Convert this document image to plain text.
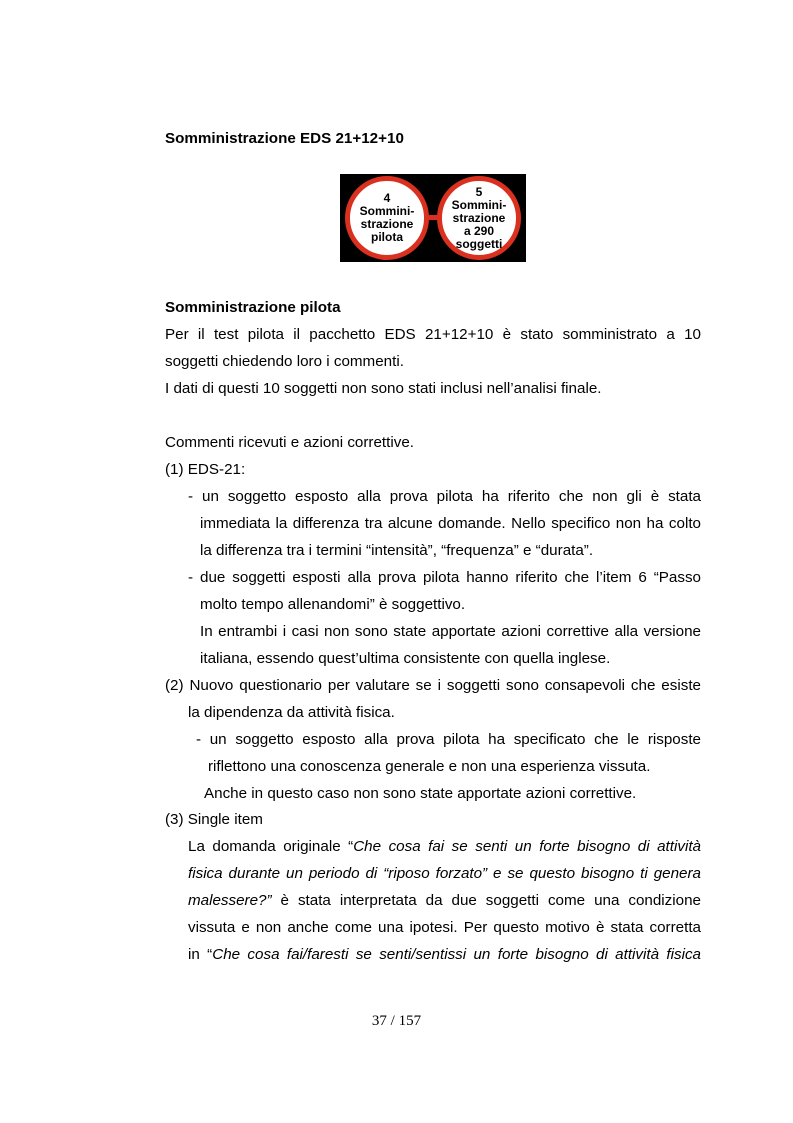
Somministrazione EDS 21+12+10
4
Sommini-
strazione
pilota
5
Sommini-
strazione
a 290
soggetti
Somministrazione pilota
Per il test pilota il pacchetto EDS 21+12+10 è stato somministrato a 10
soggetti chiedendo loro i commenti.
I dati di questi 10 soggetti non sono stati inclusi nell’analisi finale.
Commenti ricevuti e azioni correttive.
(1) EDS-21:
- un soggetto esposto alla prova pilota ha riferito che non gli è stata
immediata la differenza tra alcune domande. Nello specifico non ha colto
la differenza tra i termini “intensità”, “frequenza” e “durata”.
- due soggetti esposti alla prova pilota hanno riferito che l’item 6 “Passo
molto tempo allenandomi” è soggettivo.
In entrambi i casi non sono state apportate azioni correttive alla versione
italiana, essendo quest’ultima consistente con quella inglese.
(2) Nuovo questionario per valutare se i soggetti sono consapevoli che esiste
la dipendenza da attività fisica.
- un soggetto esposto alla prova pilota ha specificato che le risposte
riflettono una conoscenza generale e non una esperienza vissuta.
Anche in questo caso non sono state apportate azioni correttive.
(3) Single item
La domanda originale “Che cosa fai se senti un forte bisogno di attività
fisica durante un periodo di “riposo forzato” e se questo bisogno ti genera
malessere?” è stata interpretata da due soggetti come una condizione
vissuta e non anche come una ipotesi. Per questo motivo è stata corretta
in “Che cosa fai/faresti se senti/sentissi un forte bisogno di attività fisica
37 / 157
